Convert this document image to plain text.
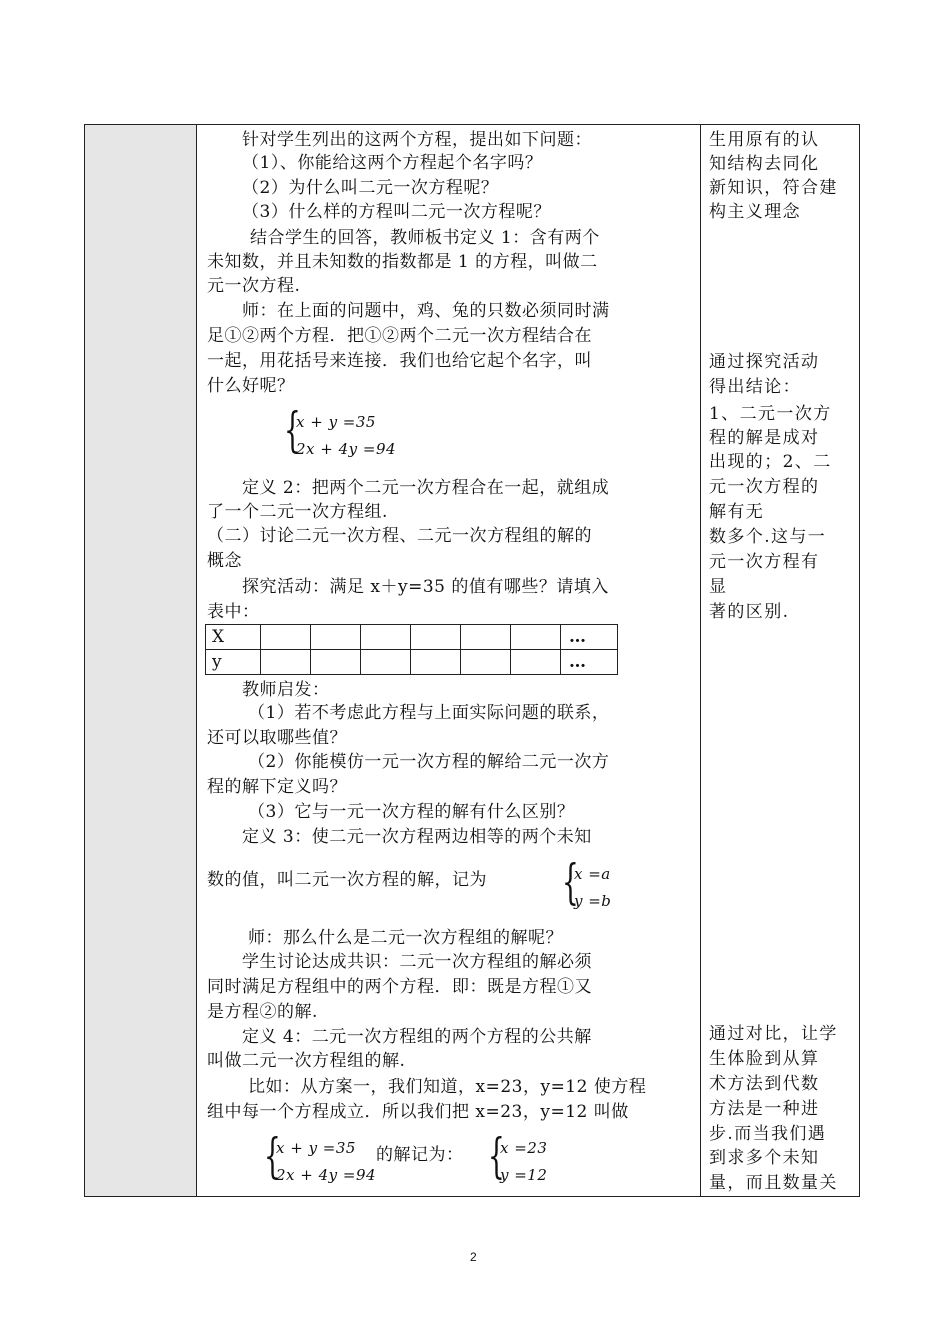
生用原有的认
知结构去同化
新知识，符合建
构主义理念
通过探究活动
得出结论：
1、二元一次方
程的解是成对
出现的；2、二
元一次方程的
解有无
数多个.这与一
元一次方程有
显
著的区别.
通过对比，让学
生体脸到从算
术方法到代数
方法是一种进
步.而当我们遇
到求多个未知
量，而且数量关
针对学生列出的这两个方程，提出如下问题：
（1）、你能给这两个方程起个名字吗？
（2）为什么叫二元一次方程呢？
（3）什么样的方程叫二元一次方程呢？
结合学生的回答，教师板书定义 1：含有两个
未知数，并且未知数的指数都是 1 的方程，叫做二
元一次方程.
师：在上面的问题中，鸡、兔的只数必须同时满
足①②两个方程．把①②两个二元一次方程结合在
一起，用花括号来连接．我们也给它起个名字，叫
什么好呢？
{
x + y =35
2x + 4y =94
定义 2：把两个二元一次方程合在一起，就组成
了一个二元一次方程组.
（二）讨论二元一次方程、二元一次方程组的解的
概念
探究活动：满足 x＋y=35 的值有哪些？请填入
表中：
X							…
y							…
教师启发：
（1）若不考虑此方程与上面实际问题的联系，
还可以取哪些值？
（2）你能模仿一元一次方程的解给二元一次方
程的解下定义吗？
（3）它与一元一次方程的解有什么区别？
定义 3：使二元一次方程两边相等的两个未知
数的值，叫二元一次方程的解，记为 {
x =a
y =b
师：那么什么是二元一次方程组的解呢？
学生讨论达成共识：二元一次方程组的解必须
同时满足方程组中的两个方程．即：既是方程①又
是方程②的解.
定义 4：二元一次方程组的两个方程的公共解
叫做二元一次方程组的解.
比如：从方案一，我们知道，x=23，y=12 使方程
组中每一个方程成立．所以我们把 x=23，y=12 叫做
{
x + y =35
2x + 4y =94
的解记为： {
x =23
y =12
2
